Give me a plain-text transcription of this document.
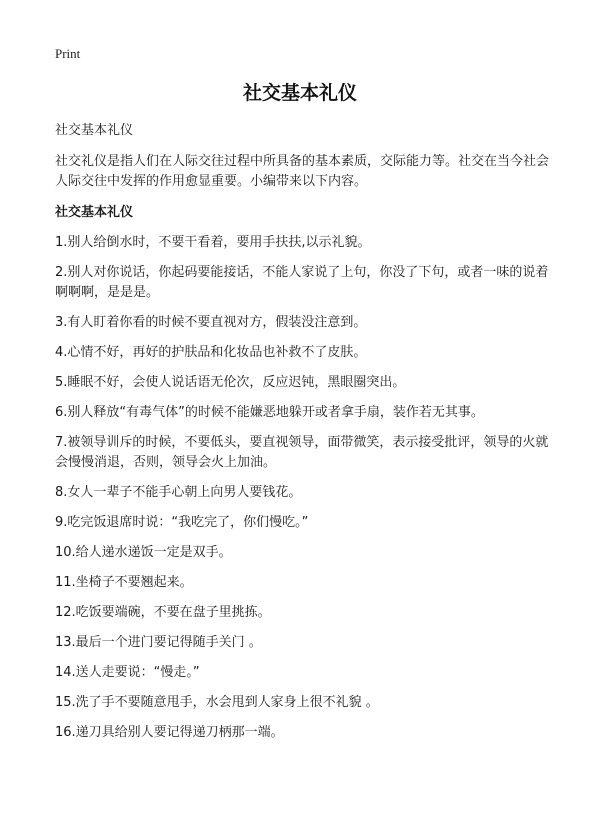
Print
社交基本礼仪

社交基本礼仪

社交礼仪是指人们在人际交往过程中所具备的基本素质，交际能力等。社交在当今社会人际交往中发挥的作用愈显重要。小编带来以下内容。

社交基本礼仪

1.别人给倒水时，不要干看着，要用手扶扶,以示礼貌。

2.别人对你说话，你起码要能接话，不能人家说了上句，你没了下句，或者一味的说着啊啊啊，是是是。

3.有人盯着你看的时候不要直视对方，假装没注意到。

4.心情不好，再好的护肤品和化妆品也补救不了皮肤。

5.睡眠不好，会使人说话语无伦次，反应迟钝，黑眼圈突出。

6.别人释放“有毒气体”的时候不能嫌恶地躲开或者拿手扇，装作若无其事。

7.被领导训斥的时候，不要低头，要直视领导，面带微笑，表示接受批评，领导的火就会慢慢消退，否则，领导会火上加油。

8.女人一辈子不能手心朝上向男人要钱花。

9.吃完饭退席时说：“我吃完了，你们慢吃。”

10.给人递水递饭一定是双手。

11.坐椅子不要翘起来。

12.吃饭要端碗，不要在盘子里挑拣。

13.最后一个进门要记得随手关门 。

14.送人走要说：“慢走。”

15.洗了手不要随意甩手，水会甩到人家身上很不礼貌 。

16.递刀具给别人要记得递刀柄那一端。
